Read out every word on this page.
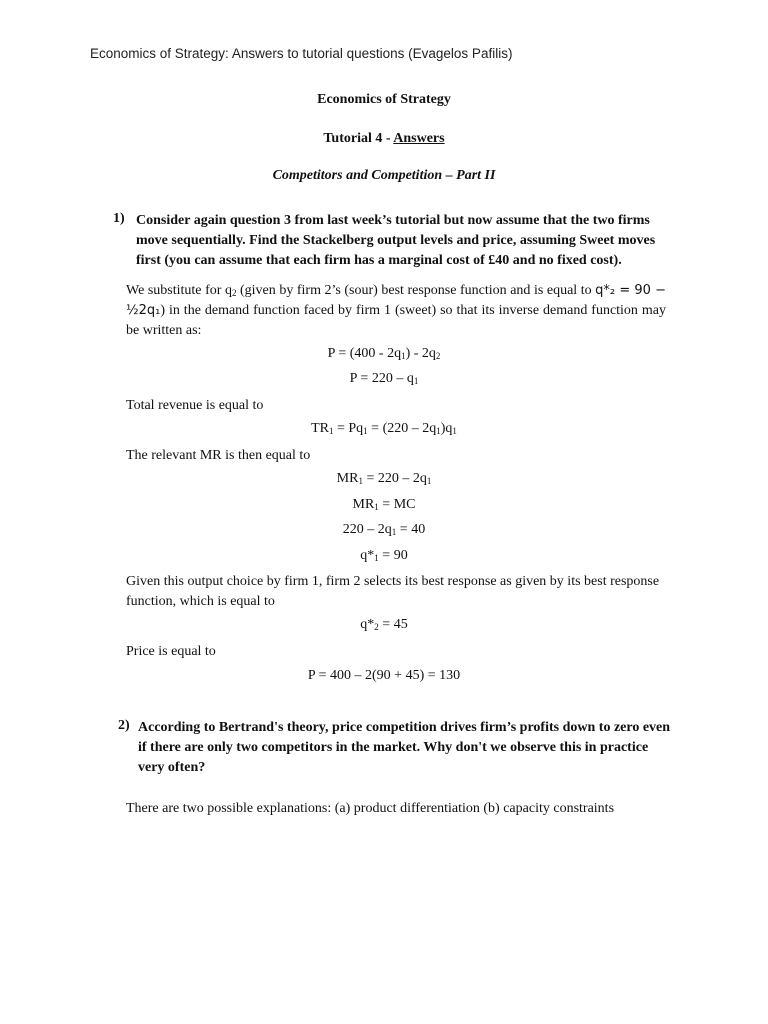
Economics of Strategy: Answers to tutorial questions (Evagelos Pafilis)
Economics of Strategy
Tutorial 4 - Answers
Competitors and Competition – Part II
1) Consider again question 3 from last week’s tutorial but now assume that the two firms move sequentially. Find the Stackelberg output levels and price, assuming Sweet moves first (you can assume that each firm has a marginal cost of £40 and no fixed cost).
We substitute for $q_2$ (given by firm 2’s (sour) best response function and is equal to q*₂ = 90 − ½2q₁) in the demand function faced by firm 1 (sweet) so that its inverse demand function may be written as:
$P = (400 - 2q_1) - 2q_2$
$P = 220 - q_1$
Total revenue is equal to
$TR_1 = Pq_1 = (220 - 2q_1)q_1$
The relevant MR is then equal to
$MR_1 = 220 - 2q_1$
$MR_1$ = MC
$220 - 2q_1 = 40$
$q*_1 = 90$
Given this output choice by firm 1, firm 2 selects its best response as given by its best response function, which is equal to
$q*_2 = 45$
Price is equal to
P = 400 – 2(90 + 45) = 130
2) According to Bertrand's theory, price competition drives firm’s profits down to zero even if there are only two competitors in the market. Why don't we observe this in practice very often?
There are two possible explanations: (a) product differentiation (b) capacity constraints
